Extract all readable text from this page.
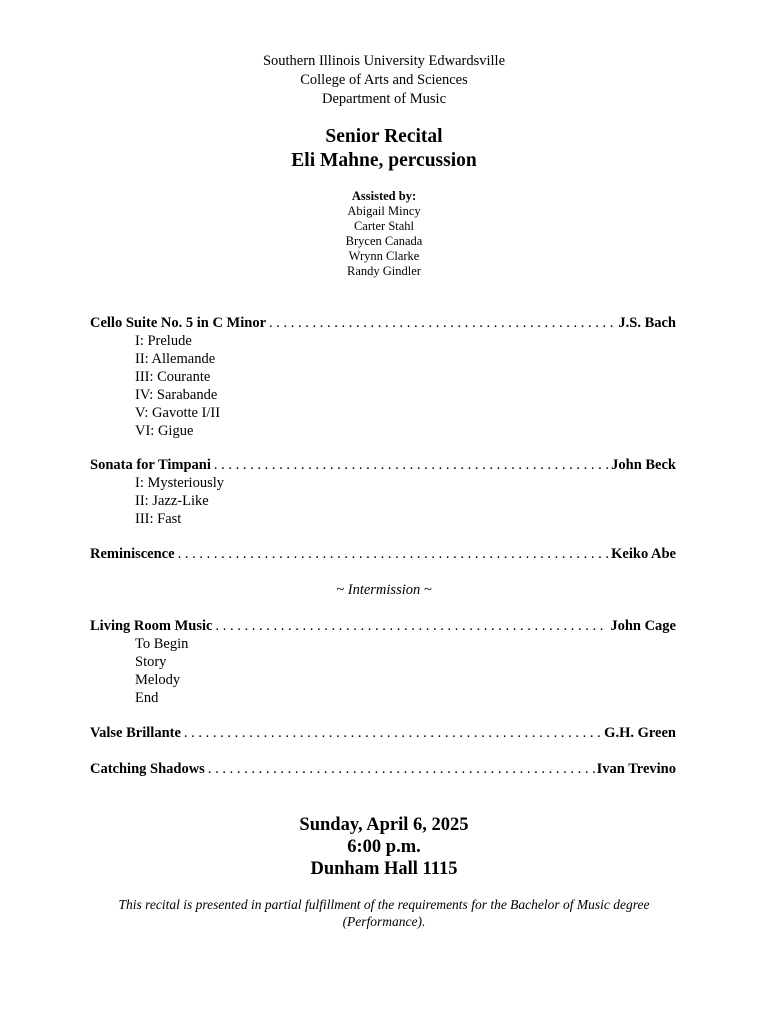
Southern Illinois University Edwardsville
College of Arts and Sciences
Department of Music
Senior Recital
Eli Mahne, percussion
Assisted by:
Abigail Mincy
Carter Stahl
Brycen Canada
Wrynn Clarke
Randy Gindler
Cello Suite No. 5 in C Minor . . .	J.S. Bach
I: Prelude
II: Allemande
III: Courante
IV: Sarabande
V: Gavotte I/II
VI: Gigue
Sonata for Timpani . . .	John Beck
I: Mysteriously
II: Jazz-Like
III: Fast
Reminiscence . . .	Keiko Abe
~ Intermission ~
Living Room Music . . .	John Cage
To Begin
Story
Melody
End
Valse Brillante . . .	G.H. Green
Catching Shadows . . .	Ivan Trevino
Sunday, April 6, 2025
6:00 p.m.
Dunham Hall 1115
This recital is presented in partial fulfillment of the requirements for the Bachelor of Music degree (Performance).
